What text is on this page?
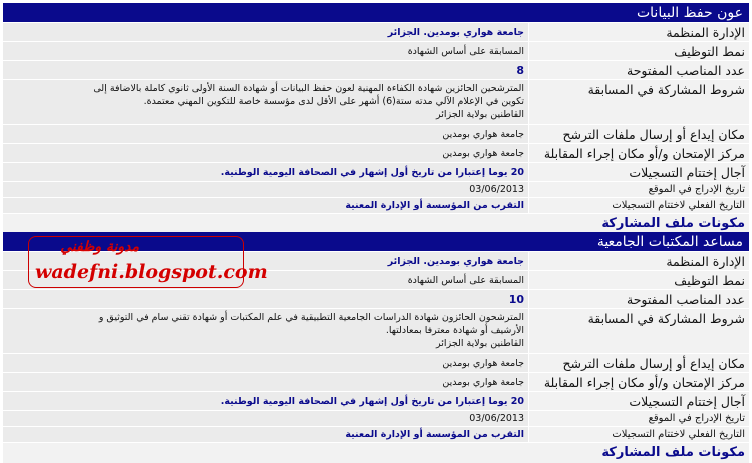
عون حفظ البيانات
الإدارة المنظمة
جامعة هواري بومدين. الجزائر
نمط التوظيف
المسابقة على أساس الشهادة
عدد المناصب المفتوحة
8
شروط المشاركة في المسابقة
المترشحين الحائزين شهادة الكفاءة المهنية لعون حفظ البيانات أو شهادة السنة الأولى ثانوي كاملة بالاضافة إلى
تكوين في الإعلام الآلي مدته ستة(6) أشهر على الأقل لدى مؤسسة خاصة للتكوين المهني معتمدة.
القاطنين بولاية الجزائر
مكان إيداع أو إرسال ملفات الترشح
جامعة هواري بومدين
مركز الإمتحان و/أو مكان إجراء المقابلة
جامعة هواري بومدين
آجال إختتام التسجيلات
20 يوما إعتبارا من تاريخ أول إشهار في الصحافة اليومية الوطنية.
تاريخ الإدراج في الموقع
03/06/2013
التاريخ الفعلي لاختتام التسجيلات
التقرب من المؤسسة أو الإدارة المعنية
مكونات ملف المشاركة
مساعد المكتبات الجامعية
الإدارة المنظمة
جامعة هواري بومدين. الجزائر
نمط التوظيف
المسابقة على أساس الشهادة
عدد المناصب المفتوحة
10
شروط المشاركة في المسابقة
المترشحون الحائزون شهادة الدراسات الجامعية التطبيقية في علم المكتبات أو شهادة تقني سام في التوثيق و
الأرشيف أو شهادة معترفا بمعادلتها.
القاطنين بولاية الجزائر
مكان إيداع أو إرسال ملفات الترشح
جامعة هواري بومدين
مركز الإمتحان و/أو مكان إجراء المقابلة
جامعة هواري بومدين
آجال إختتام التسجيلات
20 يوما إعتبارا من تاريخ أول إشهار في الصحافة اليومية الوطنية.
تاريخ الإدراج في الموقع
03/06/2013
التاريخ الفعلي لاختتام التسجيلات
التقرب من المؤسسة أو الإدارة المعنية
مكونات ملف المشاركة
مدونة وظفني
wadefni.blogspot.com
